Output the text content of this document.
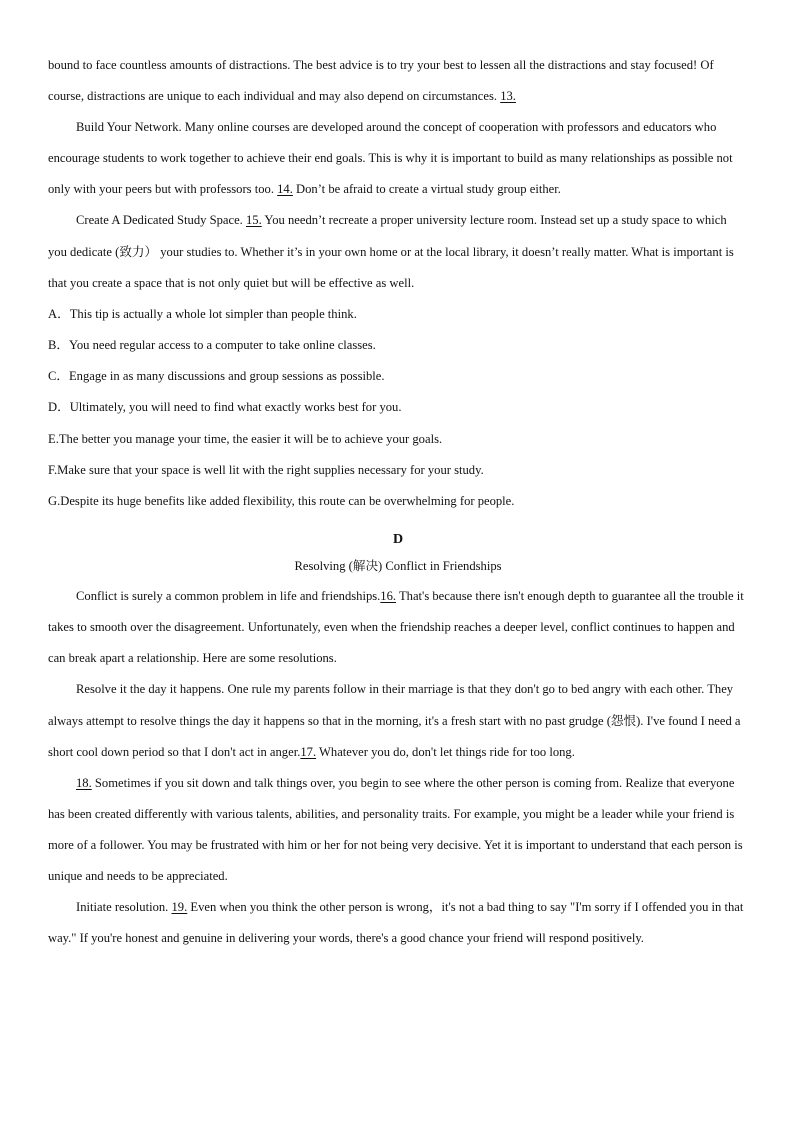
bound to face countless amounts of distractions. The best advice is to try your best to lessen all the distractions and stay focused! Of course, distractions are unique to each individual and may also depend on circumstances. 13.

Build Your Network. Many online courses are developed around the concept of cooperation with professors and educators who encourage students to work together to achieve their end goals. This is why it is important to build as many relationships as possible not only with your peers but with professors too. 14. Don’t be afraid to create a virtual study group either.

Create A Dedicated Study Space. 15. You needn’t recreate a proper university lecture room. Instead set up a study space to which you dedicate (致力） your studies to. Whether it’s in your own home or at the local library, it doesn’t really matter. What is important is that you create a space that is not only quiet but will be effective as well.

A．This tip is actually a whole lot simpler than people think.

B．You need regular access to a computer to take online classes.

C．Engage in as many discussions and group sessions as possible.

D．Ultimately, you will need to find what exactly works best for you.

E.The better you manage your time, the easier it will be to achieve your goals.

F.Make sure that your space is well lit with the right supplies necessary for your study.

G.Despite its huge benefits like added flexibility, this route can be overwhelming for people.

D

Resolving (解决) Conflict in Friendships

Conflict is surely a common problem in life and friendships.16. That's because there isn't enough depth to guarantee all the trouble it takes to smooth over the disagreement. Unfortunately, even when the friendship reaches a deeper level, conflict continues to happen and can break apart a relationship. Here are some resolutions.

Resolve it the day it happens. One rule my parents follow in their marriage is that they don't go to bed angry with each other. They always attempt to resolve things the day it happens so that in the morning, it's a fresh start with no past grudge (怨恨). I've found I need a short cool down period so that I don't act in anger.17. Whatever you do, don't let things ride for too long.

18. Sometimes if you sit down and talk things over, you begin to see where the other person is coming from. Realize that everyone has been created differently with various talents, abilities, and personality traits. For example, you might be a leader while your friend is more of a follower. You may be frustrated with him or her for not being very decisive. Yet it is important to understand that each person is unique and needs to be appreciated.

Initiate resolution. 19. Even when you think the other person is wrong，it's not a bad thing to say "I'm sorry if I offended you in that way." If you're honest and genuine in delivering your words, there's a good chance your friend will respond positively.
